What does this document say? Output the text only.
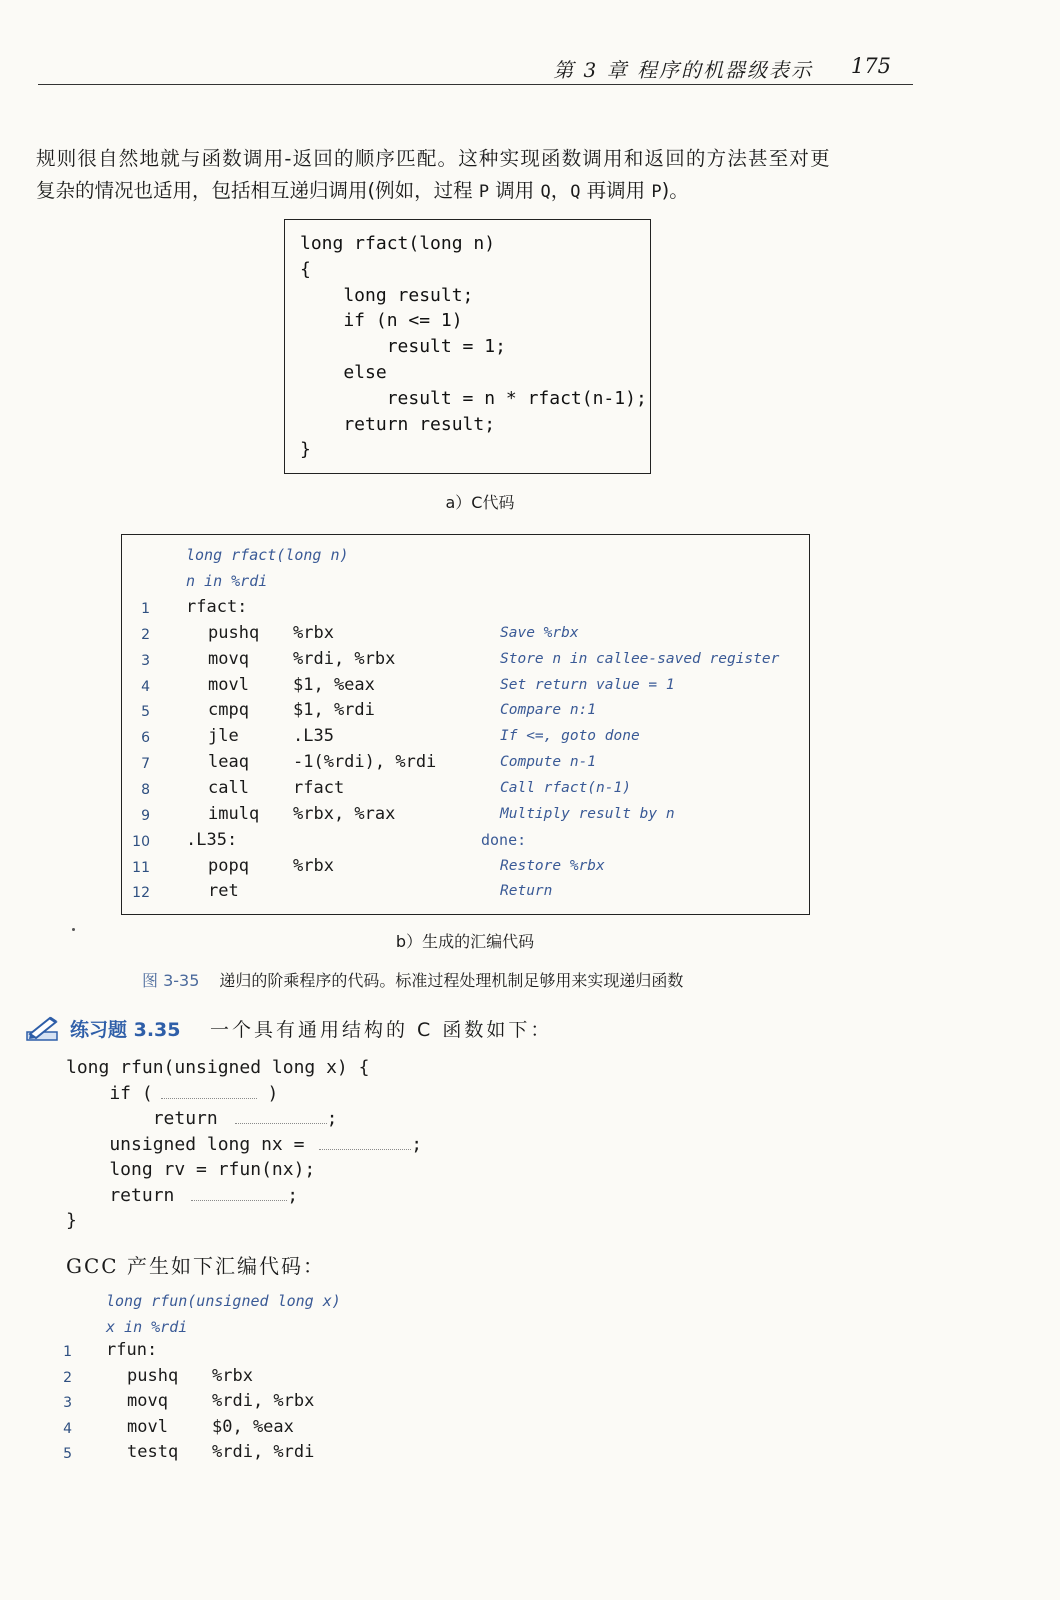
第 3 章 程序的机器级表示 175
规则很自然地就与函数调用-返回的顺序匹配。这种实现函数调用和返回的方法甚至对更
复杂的情况也适用，包括相互递归调用(例如，过程 P 调用 Q，Q 再调用 P)。
long rfact(long n)
{
long result;
if (n <= 1)
result = 1;
else
result = n * rfact(n-1);
return result;
}
a）C代码
long rfact(long n)
n in %rdi
1 rfact:
2	pushq %rbx	Save %rbx
3	movq	%rdi, %rbx	Store n in callee-saved register
4	movl	$1, %eax	Set return value = 1
5	cmpq	$1, %rdi	Compare n:1
6	jle	.L35	If <=, goto done
7	leaq	-1(%rdi), %rdi	Compute n-1
8	call	rfact	Call rfact(n-1)
9	imulq %rbx, %rax	Multiply result by n
10 .L35:	done:
11	popq	%rbx	Restore %rbx
12	ret	Return
b）生成的汇编代码
图 3-35 递归的阶乘程序的代码。标准过程处理机制足够用来实现递归函数
练习题 3.35 一个具有通用结构的 C 函数如下：
long rfun(unsigned long x) {
if (	)
return	;
unsigned long nx =	;
long rv = rfun(nx);
return	;
}
GCC 产生如下汇编代码：
long rfun(unsigned long x)
x in %rdi
1 rfun:
2	pushq %rbx
3	movq	%rdi, %rbx
4	movl	$0, %eax
5	testq %rdi, %rdi
